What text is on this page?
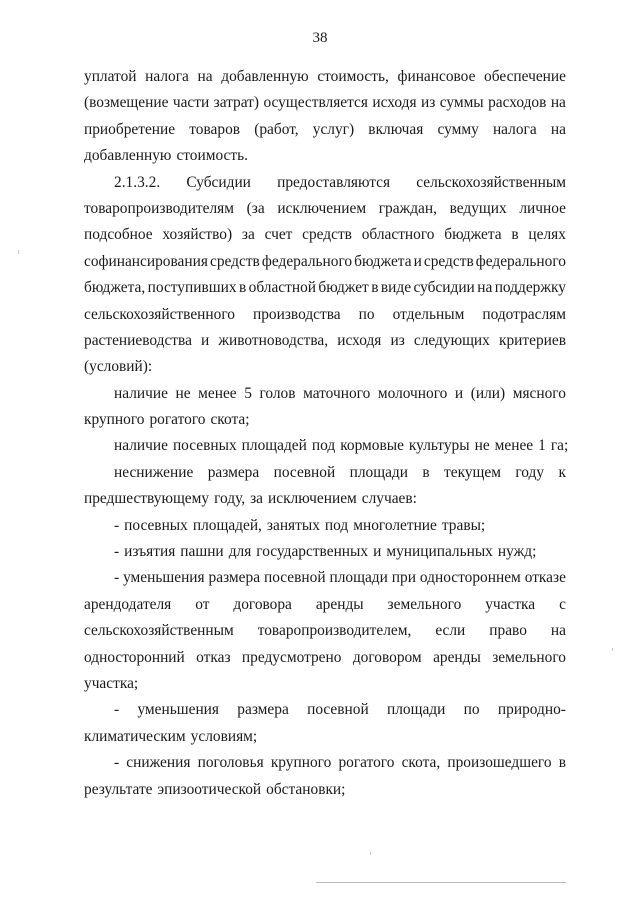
38
уплатой налога на добавленную стоимость, финансовое обеспечение
(возмещение части затрат) осуществляется исходя из суммы расходов на
приобретение товаров (работ, услуг) включая сумму налога на
добавленную стоимость.
2.1.3.2. Субсидии предоставляются сельскохозяйственным
товаропроизводителям (за исключением граждан, ведущих личное
подсобное хозяйство) за счет средств областного бюджета в целях
софинансирования средств федерального бюджета и средств федерального
бюджета, поступивших в областной бюджет в виде субсидии на поддержку
сельскохозяйственного производства по отдельным подотраслям
растениеводства и животноводства, исходя из следующих критериев
(условий):
наличие не менее 5 голов маточного молочного и (или) мясного
крупного рогатого скота;
наличие посевных площадей под кормовые культуры не менее 1 га;
неснижение размера посевной площади в текущем году к
предшествующему году, за исключением случаев:
- посевных площадей, занятых под многолетние травы;
- изъятия пашни для государственных и муниципальных нужд;
- уменьшения размера посевной площади при одностороннем отказе
арендодателя от договора аренды земельного участка с
сельскохозяйственным товаропроизводителем, если право на
односторонний отказ предусмотрено договором аренды земельного
участка;
- уменьшения размера посевной площади по природно-
климатическим условиям;
- снижения поголовья крупного рогатого скота, произошедшего в
результате эпизоотической обстановки;
